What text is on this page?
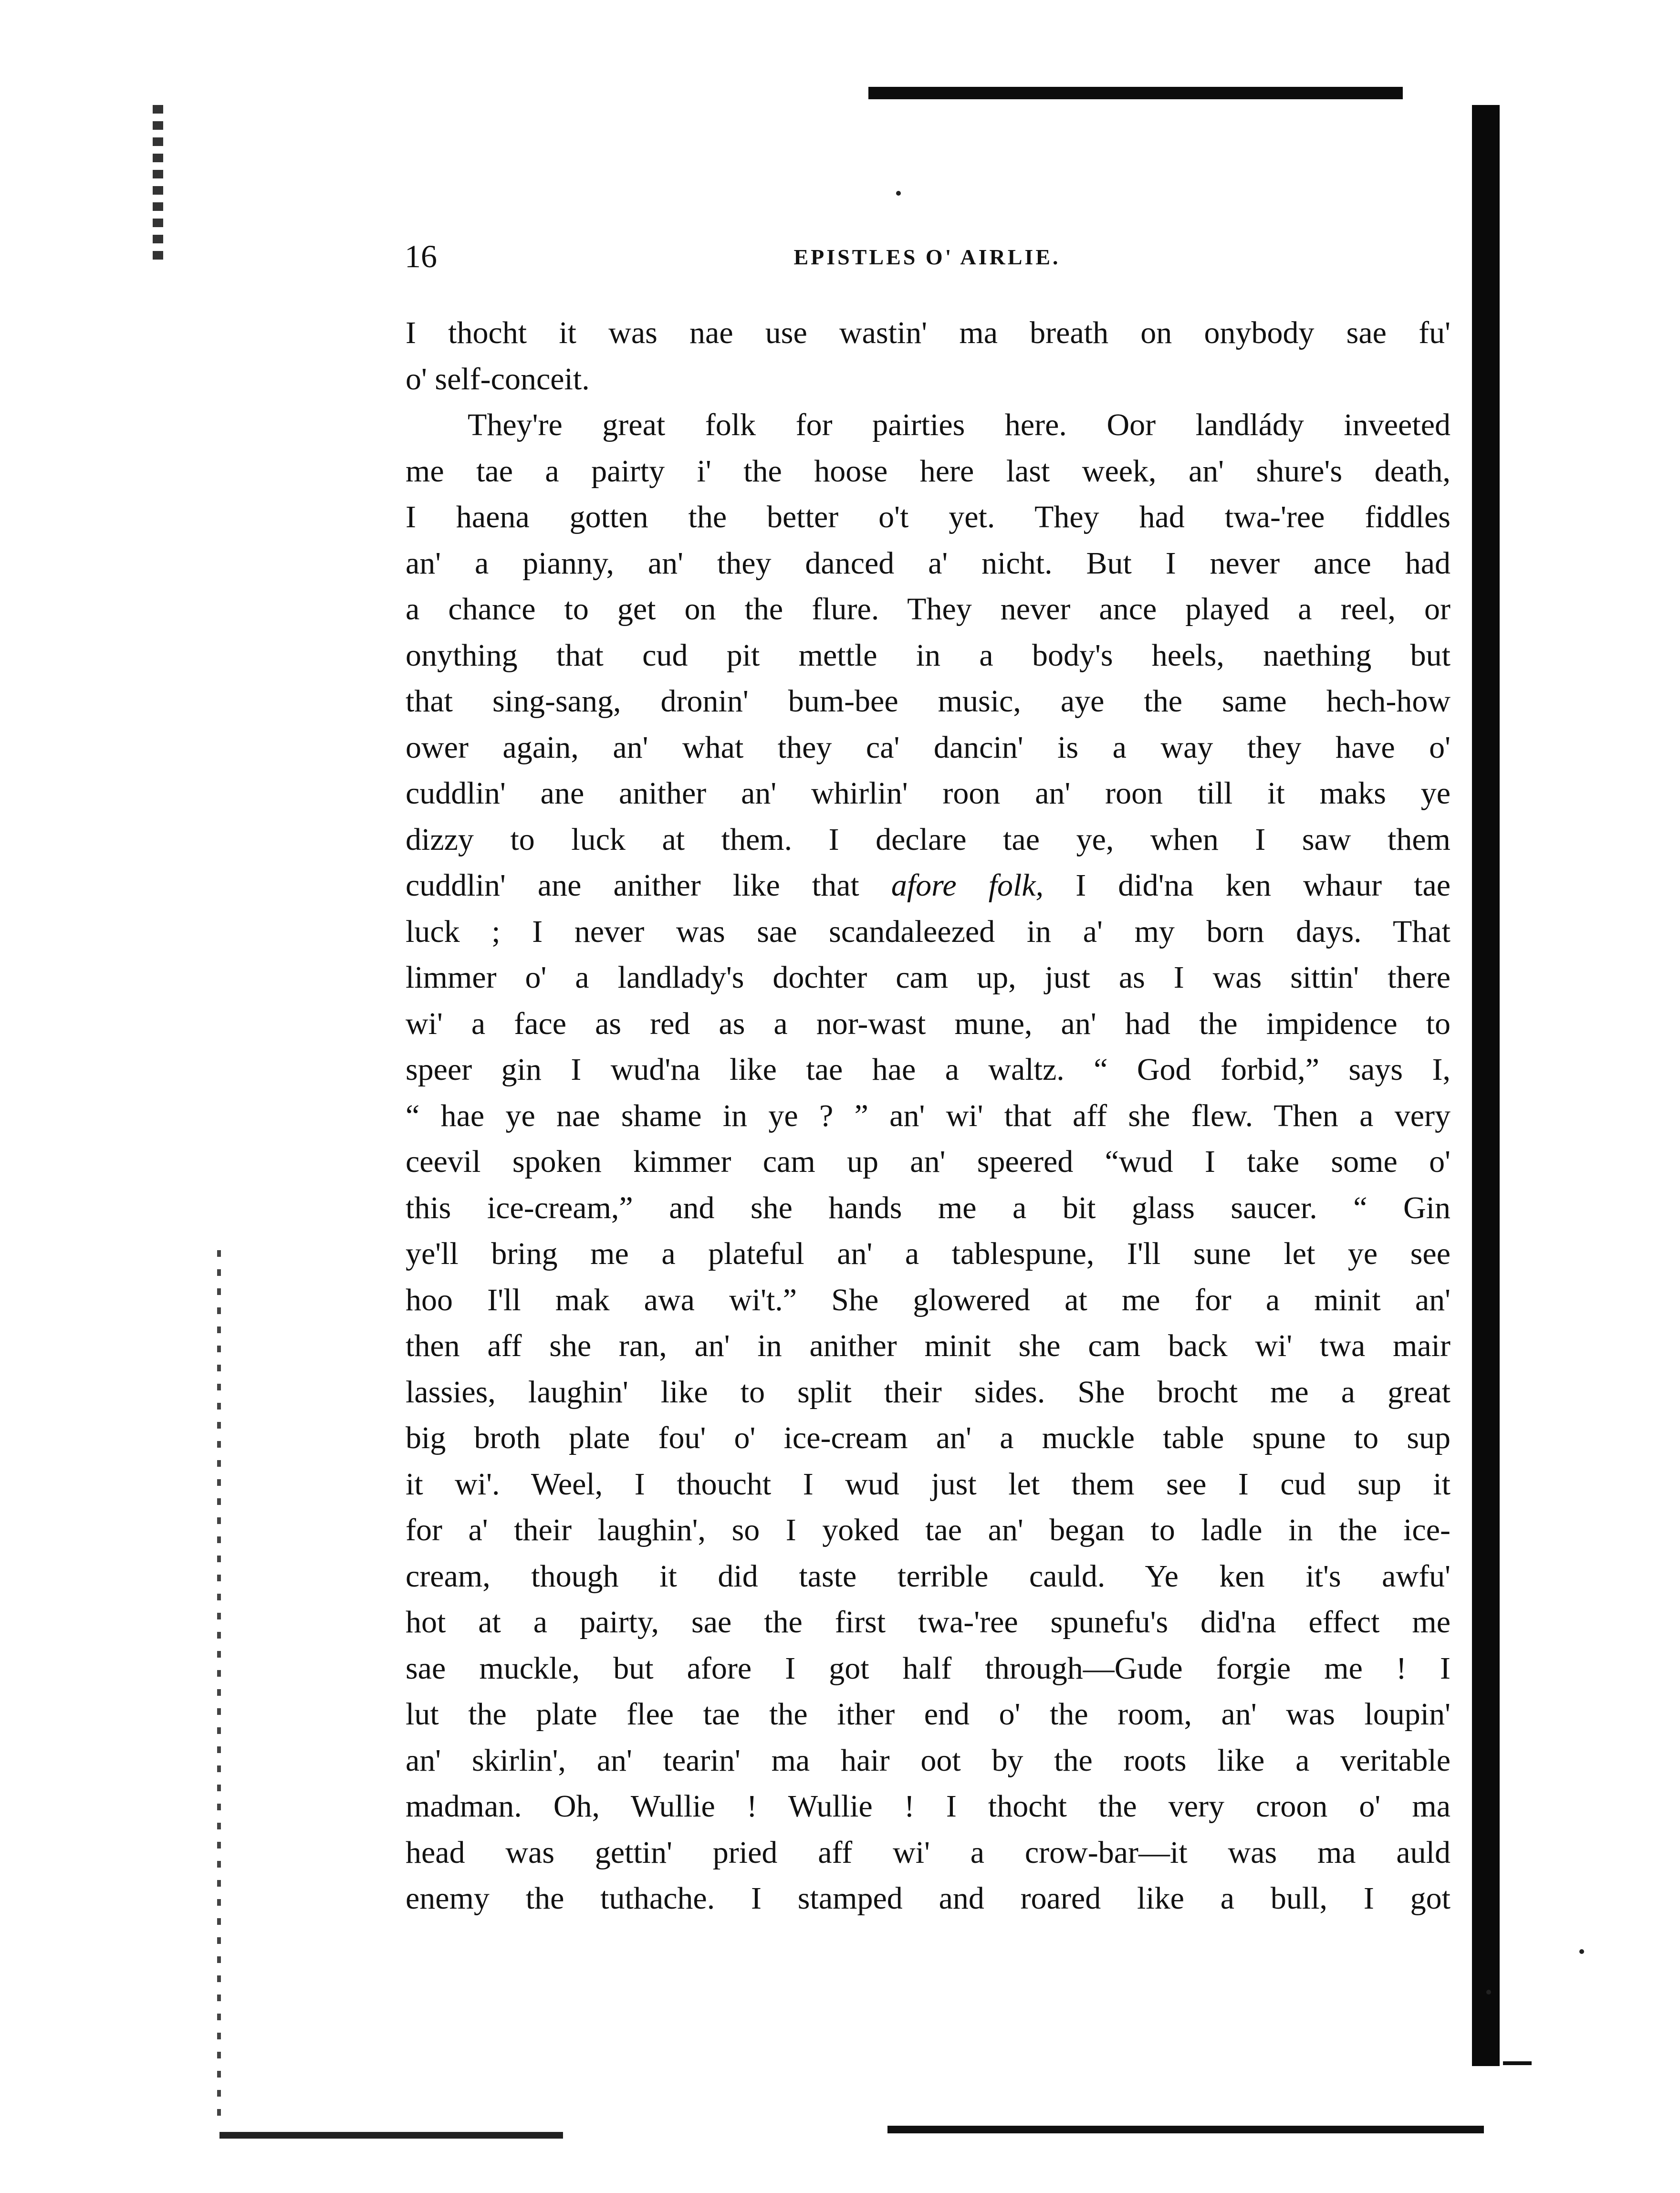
16	EPISTLES O' AIRLIE.
I thocht it was nae use wastin' ma breath on onybody sae fu'
o' self-conceit.
They're great folk for pairties here. Oor landlády inveeted
me tae a pairty i' the hoose here last week, an' shure's death,
I haena gotten the better o't yet. They had twa-'ree fiddles
an' a pianny, an' they danced a' nicht. But I never ance had
a chance to get on the flure. They never ance played a reel, or
onything that cud pit mettle in a body's heels, naething but
that sing-sang, dronin' bum-bee music, aye the same hech-how
ower again, an' what they ca' dancin' is a way they have o'
cuddlin' ane anither an' whirlin' roon an' roon till it maks ye
dizzy to luck at them. I declare tae ye, when I saw them
cuddlin' ane anither like that afore folk, I did'na ken whaur tae
luck ; I never was sae scandaleezed in a' my born days. That
limmer o' a landlady's dochter cam up, just as I was sittin' there
wi' a face as red as a nor-wast mune, an' had the impidence to
speer gin I wud'na like tae hae a waltz. “ God forbid,” says I,
“ hae ye nae shame in ye ? ” an' wi' that aff she flew. Then a very
ceevil spoken kimmer cam up an' speered “wud I take some o'
this ice-cream,” and she hands me a bit glass saucer. “ Gin
ye'll bring me a plateful an' a tablespune, I'll sune let ye see
hoo I'll mak awa wi't.” She glowered at me for a minit an'
then aff she ran, an' in anither minit she cam back wi' twa mair
lassies, laughin' like to split their sides. She brocht me a great
big broth plate fou' o' ice-cream an' a muckle table spune to sup
it wi'. Weel, I thoucht I wud just let them see I cud sup it
for a' their laughin', so I yoked tae an' began to ladle in the ice-
cream, though it did taste terrible cauld. Ye ken it's awfu'
hot at a pairty, sae the first twa-'ree spunefu's did'na effect me
sae muckle, but afore I got half through—Gude forgie me ! I
lut the plate flee tae the ither end o' the room, an' was loupin'
an' skirlin', an' tearin' ma hair oot by the roots like a veritable
madman. Oh, Wullie ! Wullie ! I thocht the very croon o' ma
head was gettin' pried aff wi' a crow-bar—it was ma auld
enemy the tuthache. I stamped and roared like a bull, I got
